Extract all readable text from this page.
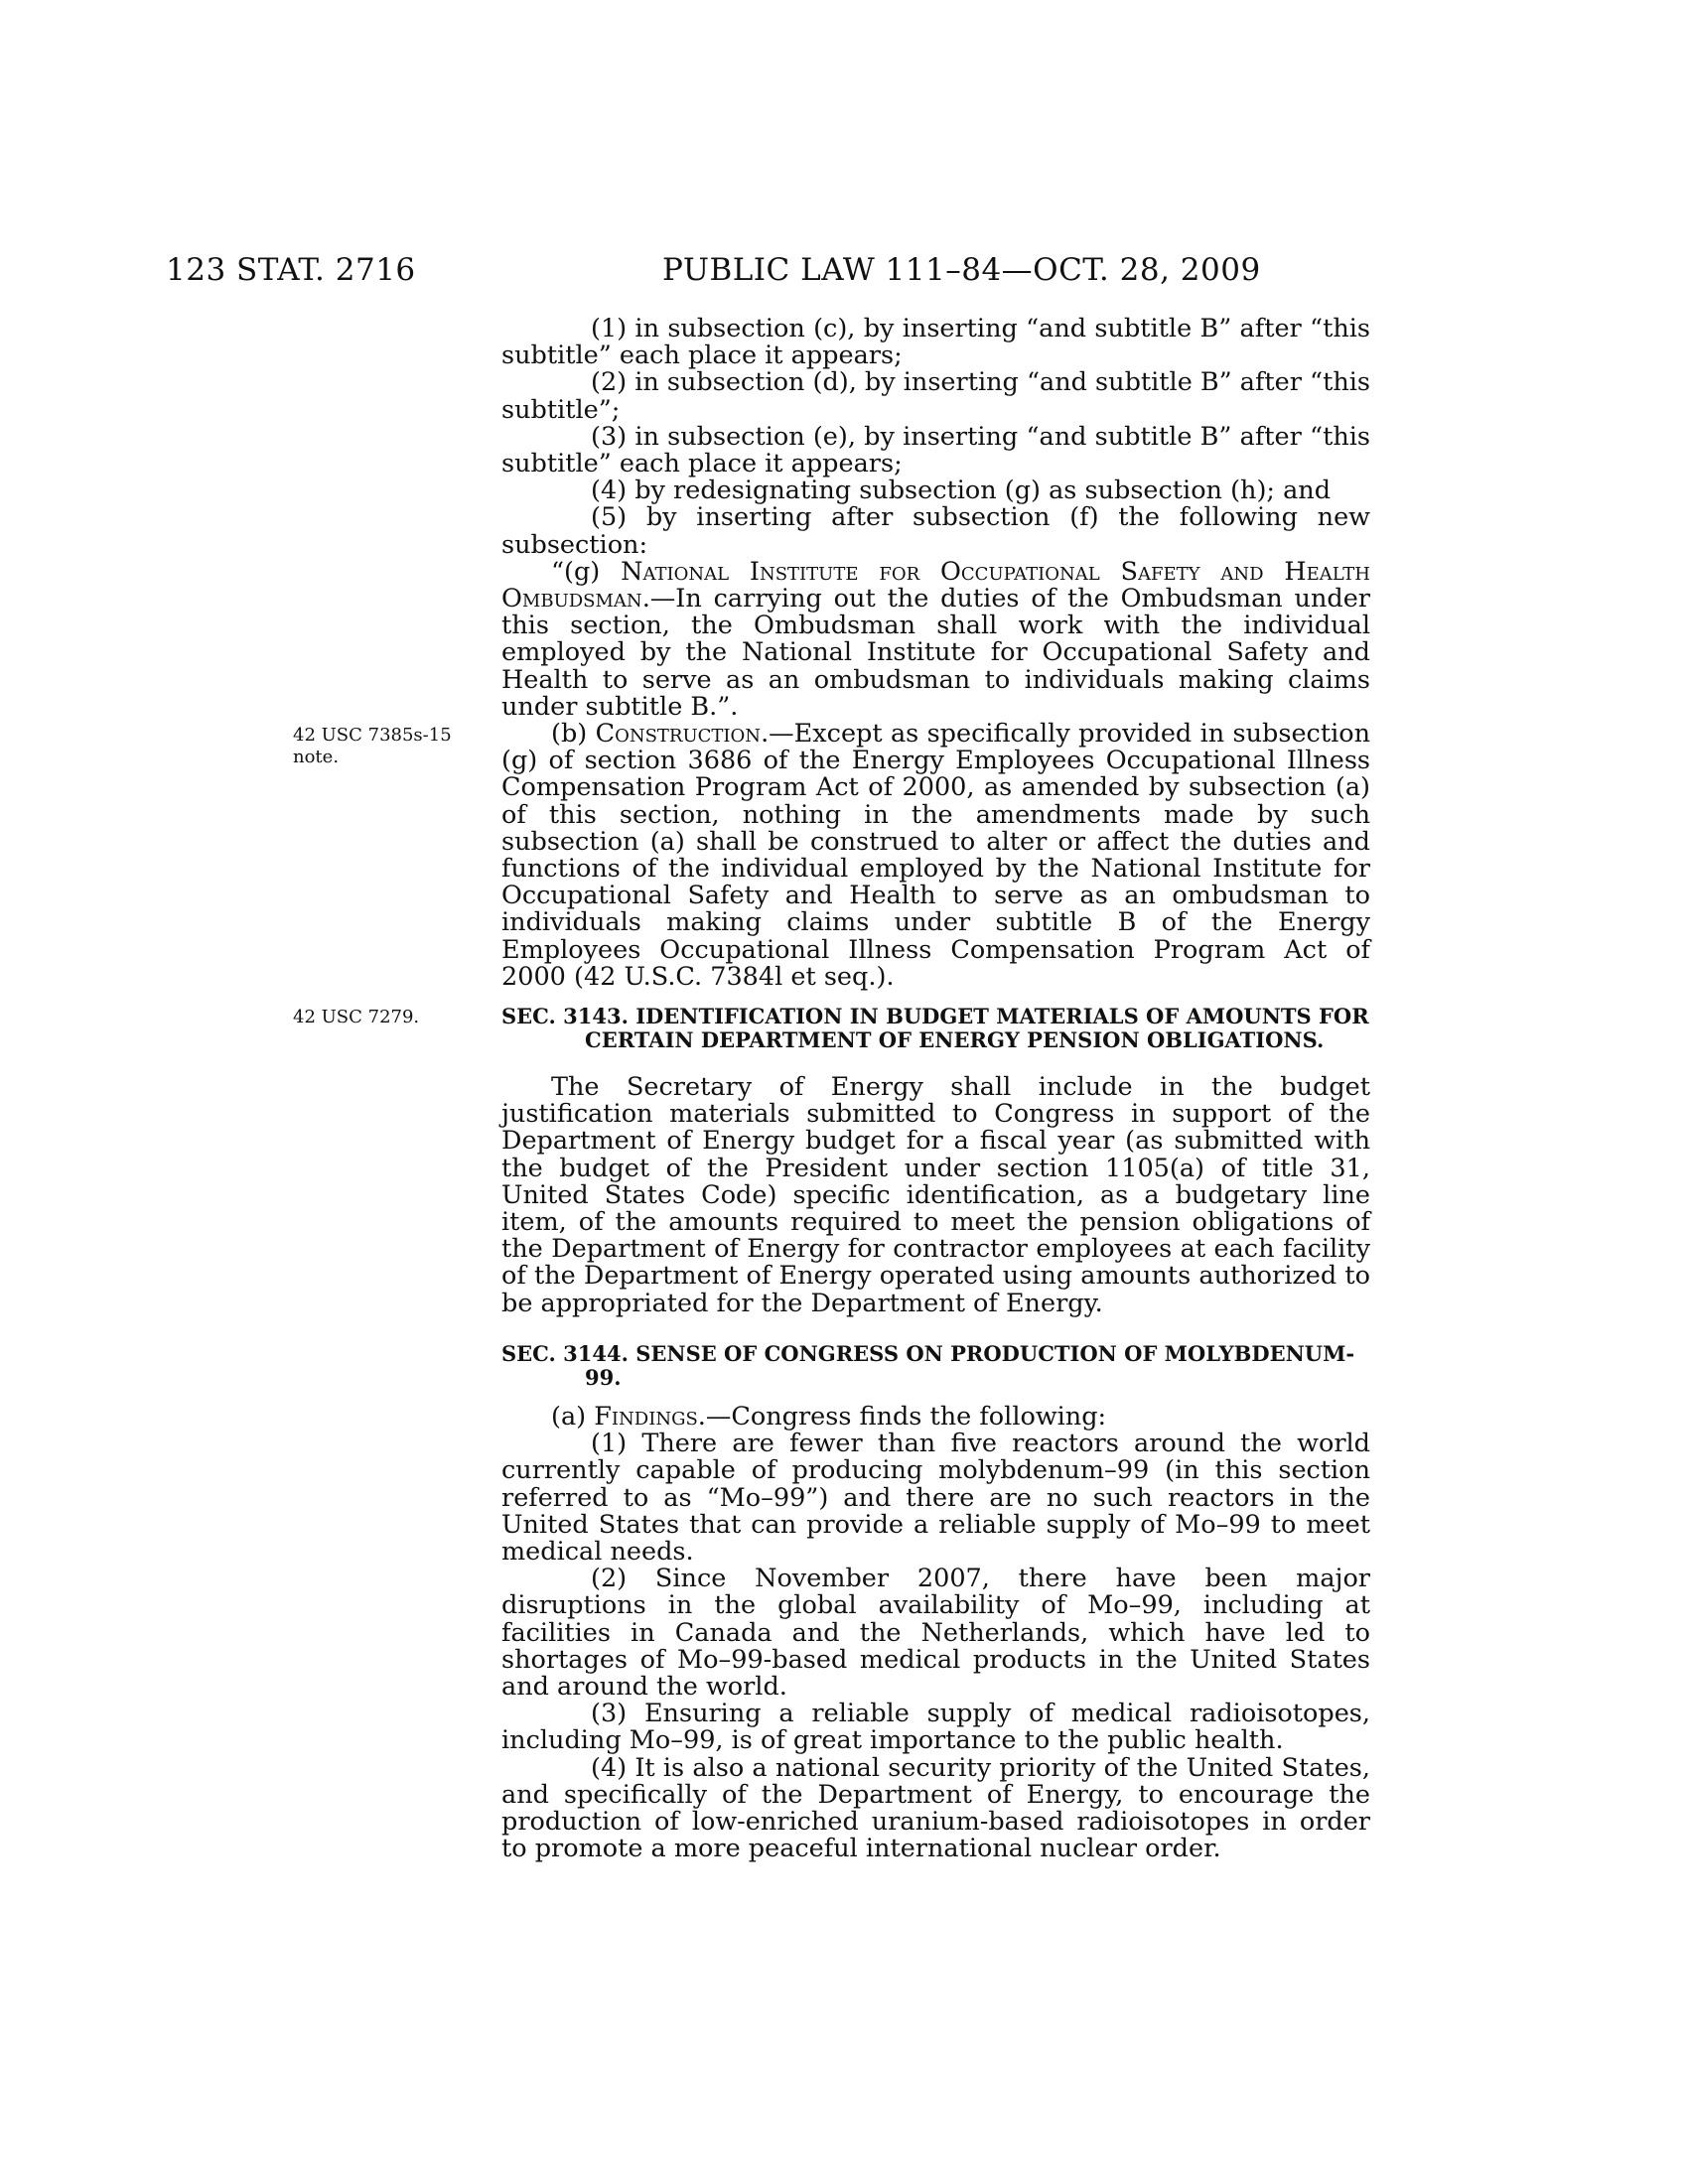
123 STAT. 2716	PUBLIC LAW 111–84—OCT. 28, 2009
42 USC 7385s-15
note.
42 USC 7279.

(1) in subsection (c), by inserting “and subtitle B” after “this subtitle” each place it appears;

(2) in subsection (d), by inserting “and subtitle B” after “this subtitle”;

(3) in subsection (e), by inserting “and subtitle B” after “this subtitle” each place it appears;

(4) by redesignating subsection (g) as subsection (h); and

(5) by inserting after subsection (f) the following new subsection:

“(g) National Institute for Occupational Safety and Health Ombudsman.—In carrying out the duties of the Ombudsman under this section, the Ombudsman shall work with the individual employed by the National Institute for Occupational Safety and Health to serve as an ombudsman to individuals making claims under subtitle B.”.

(b) Construction.—Except as specifically provided in subsection (g) of section 3686 of the Energy Employees Occupational Illness Compensation Program Act of 2000, as amended by subsection (a) of this section, nothing in the amendments made by such subsection (a) shall be construed to alter or affect the duties and functions of the individual employed by the National Institute for Occupational Safety and Health to serve as an ombudsman to individuals making claims under subtitle B of the Energy Employees Occupational Illness Compensation Program Act of 2000 (42 U.S.C. 7384l et seq.).

SEC. 3143. IDENTIFICATION IN BUDGET MATERIALS OF AMOUNTS FOR CERTAIN DEPARTMENT OF ENERGY PENSION OBLIGATIONS.

The Secretary of Energy shall include in the budget justification materials submitted to Congress in support of the Department of Energy budget for a fiscal year (as submitted with the budget of the President under section 1105(a) of title 31, United States Code) specific identification, as a budgetary line item, of the amounts required to meet the pension obligations of the Department of Energy for contractor employees at each facility of the Department of Energy operated using amounts authorized to be appropriated for the Department of Energy.

SEC. 3144. SENSE OF CONGRESS ON PRODUCTION OF MOLYBDENUM-99.

(a) Findings.—Congress finds the following:

(1) There are fewer than five reactors around the world currently capable of producing molybdenum–99 (in this section referred to as “Mo–99”) and there are no such reactors in the United States that can provide a reliable supply of Mo–99 to meet medical needs.

(2) Since November 2007, there have been major disruptions in the global availability of Mo–99, including at facilities in Canada and the Netherlands, which have led to shortages of Mo–99-based medical products in the United States and around the world.

(3) Ensuring a reliable supply of medical radioisotopes, including Mo–99, is of great importance to the public health.

(4) It is also a national security priority of the United States, and specifically of the Department of Energy, to encourage the production of low-enriched uranium-based radioisotopes in order to promote a more peaceful international nuclear order.
